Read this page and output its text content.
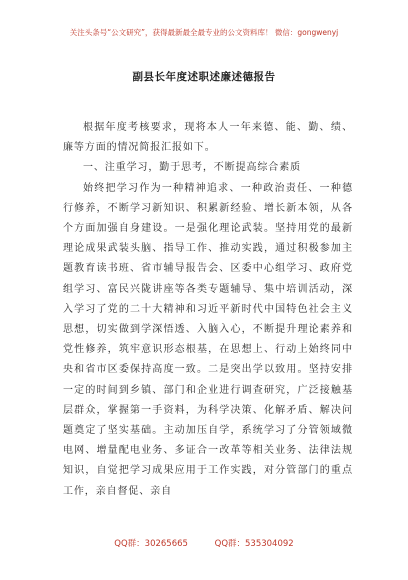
关注头条号“公文研究”，获得最新最全最专业的公文资料库！ 微信：gongwenyj
副县长年度述职述廉述德报告

根据年度考核要求，现将本人一年来德、能、勤、绩、廉等方面的情况简报汇报如下。

一、注重学习，勤于思考，不断提高综合素质

始终把学习作为一种精神追求、一种政治责任、一种德行修养，不断学习新知识、积累新经验、增长新本领，从各个方面加强自身建设。一是强化理论武装。坚持用党的最新理论成果武装头脑、指导工作、推动实践，通过积极参加主题教育读书班、省市辅导报告会、区委中心组学习、政府党组学习、富民兴陇讲座等各类专题辅导、集中培训活动，深入学习了党的二十大精神和习近平新时代中国特色社会主义思想，切实做到学深悟透、入脑入心，不断提升理论素养和党性修养，筑牢意识形态根基，在思想上、行动上始终同中央和省市区委保持高度一致。二是突出学以致用。坚持安排一定的时间到乡镇、部门和企业进行调查研究，广泛接触基层群众，掌握第一手资料，为科学决策、化解矛盾、解决问题奠定了坚实基础。主动加压自学，系统学习了分管领域微电网、增量配电业务、多证合一改革等相关业务、法律法规知识，自觉把学习成果应用于工作实践，对分管部门的重点工作，亲自督促、亲自

QQ群：30265665	QQ群：535304092
